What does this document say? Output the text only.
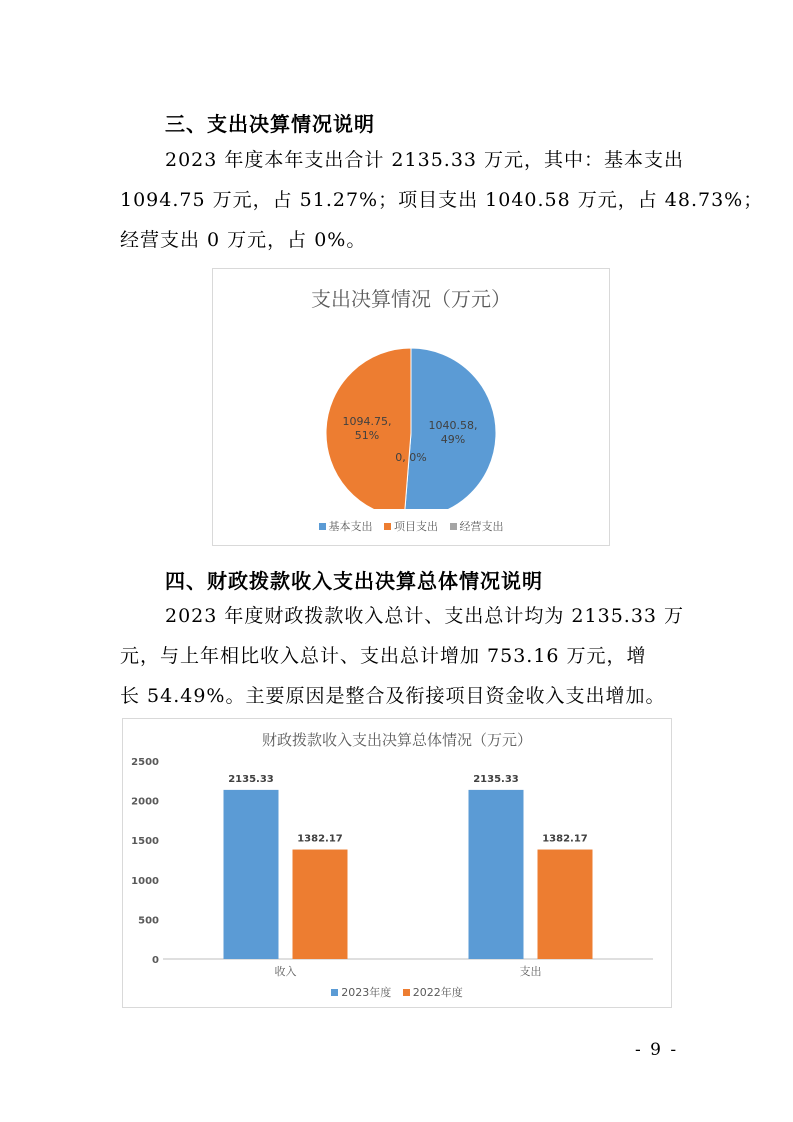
三、支出决算情况说明
2023 年度本年支出合计 2135.33 万元，其中：基本支出
1094.75 万元，占 51.27%；项目支出 1040.58 万元，占 48.73%；
经营支出 0 万元，占 0%。
支出决算情况（万元）
1094.75, 51%
1040.58, 49%
0, 0%
基本支出 项目支出 经营支出
四、财政拨款收入支出决算总体情况说明
2023 年度财政拨款收入总计、支出总计均为 2135.33 万
元，与上年相比收入总计、支出总计增加 753.16 万元，增
长 54.49%。主要原因是整合及衔接项目资金收入支出增加。
财政拨款收入支出决算总体情况（万元）
0
500
1000
1500
2000
2500
收入
2135.33
1382.17
支出
2135.33
1382.17
2023年度 2022年度
- 9 -
